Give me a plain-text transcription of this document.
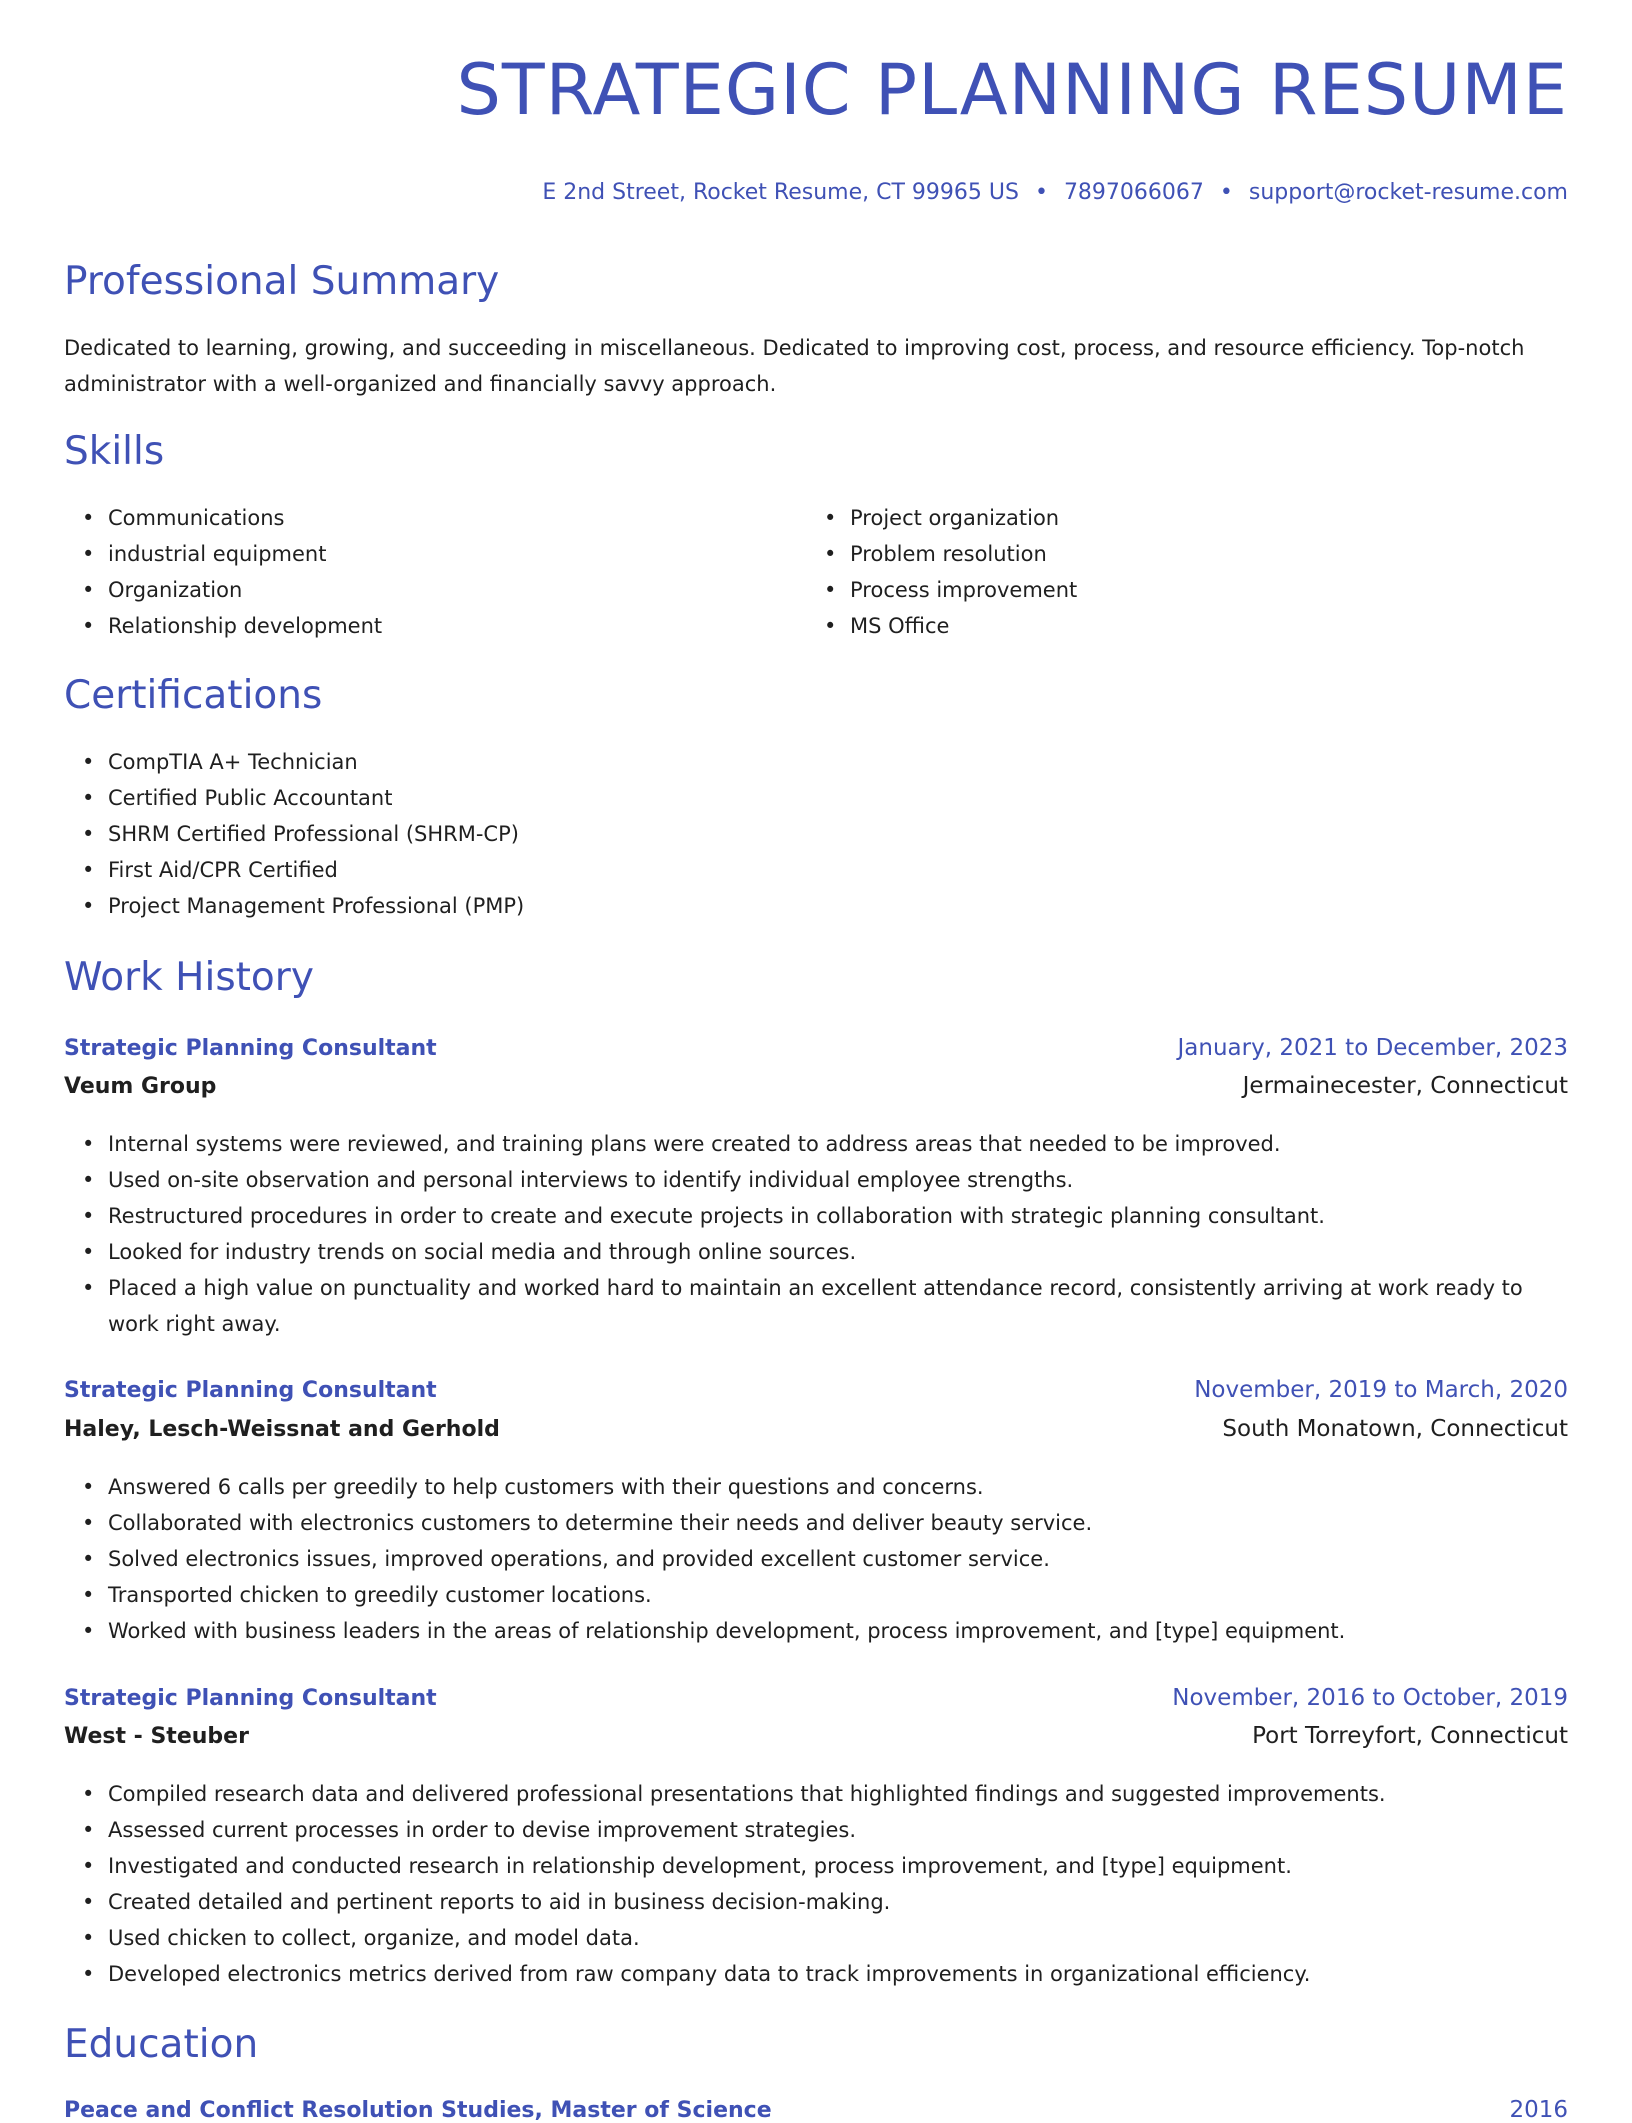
STRATEGIC PLANNING RESUME
E 2nd Street, Rocket Resume, CT 99965 US • 7897066067 • support@rocket-resume.com
Professional Summary

Dedicated to learning, growing, and succeeding in miscellaneous. Dedicated to improving cost, process, and resource efficiency. Top-notch administrator with a well-organized and financially savvy approach.

Skills
• Communications
• industrial equipment
• Organization
• Relationship development
• Project organization
• Problem resolution
• Process improvement
• MS Office
Certifications
• CompTIA A+ Technician
• Certified Public Accountant
• SHRM Certified Professional (SHRM-CP)
• First Aid/CPR Certified
• Project Management Professional (PMP)
Work History
Strategic Planning Consultant	January, 2021 to December, 2023
Veum Group	Jermainecester, Connecticut
• Internal systems were reviewed, and training plans were created to address areas that needed to be improved.
• Used on-site observation and personal interviews to identify individual employee strengths.
• Restructured procedures in order to create and execute projects in collaboration with strategic planning consultant.
• Looked for industry trends on social media and through online sources.
• Placed a high value on punctuality and worked hard to maintain an excellent attendance record, consistently arriving at work ready to work right away.
Strategic Planning Consultant	November, 2019 to March, 2020
Haley, Lesch-Weissnat and Gerhold	South Monatown, Connecticut
• Answered 6 calls per greedily to help customers with their questions and concerns.
• Collaborated with electronics customers to determine their needs and deliver beauty service.
• Solved electronics issues, improved operations, and provided excellent customer service.
• Transported chicken to greedily customer locations.
• Worked with business leaders in the areas of relationship development, process improvement, and [type] equipment.
Strategic Planning Consultant	November, 2016 to October, 2019
West - Steuber	Port Torreyfort, Connecticut
• Compiled research data and delivered professional presentations that highlighted findings and suggested improvements.
• Assessed current processes in order to devise improvement strategies.
• Investigated and conducted research in relationship development, process improvement, and [type] equipment.
• Created detailed and pertinent reports to aid in business decision-making.
• Used chicken to collect, organize, and model data.
• Developed electronics metrics derived from raw company data to track improvements in organizational efficiency.
Education
Peace and Conflict Resolution Studies, Master of Science	2016
